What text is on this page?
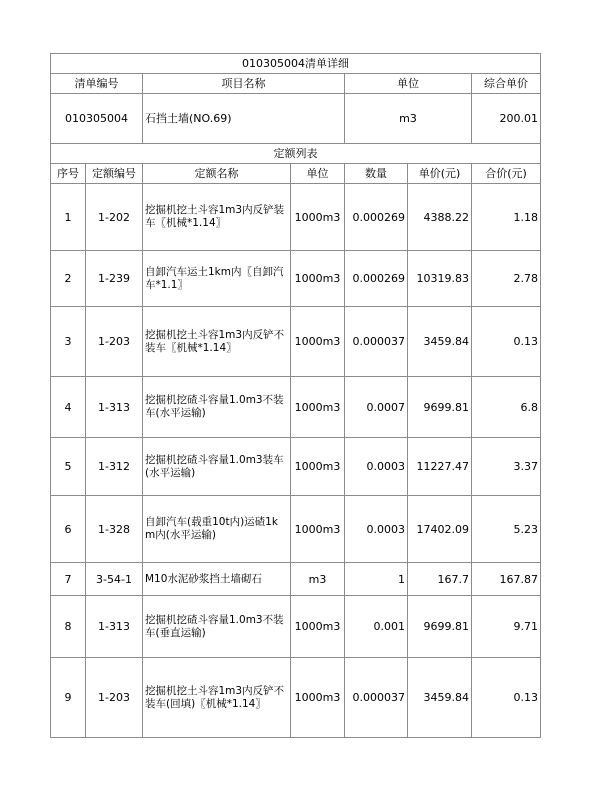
010305004清单详细						
清单编号		项目名称		单位		综合单价
010305004		石挡土墙(NO.69)		m3		200.01
定额列表						
序号	定额编号	定额名称	单位	数量	单价(元)	合价(元)
1	1-202	挖掘机挖土斗容1m3内反铲装车〖机械*1.14〗	1000m3	0.000269	4388.22	1.18
2	1-239	自卸汽车运土1km内〖自卸汽车*1.1〗	1000m3	0.000269	10319.83	2.78
3	1-203	挖掘机挖土斗容1m3内反铲不装车〖机械*1.14〗	1000m3	0.000037	3459.84	0.13
4	1-313	挖掘机挖碴斗容量1.0m3不装车(水平运输)	1000m3	0.0007	9699.81	6.8
5	1-312	挖掘机挖碴斗容量1.0m3装车(水平运输)	1000m3	0.0003	11227.47	3.37
6	1-328	自卸汽车(载重10t内)运碴1km内(水平运输)	1000m3	0.0003	17402.09	5.23
7	3-54-1	M10水泥砂浆挡土墙砌石	m3	1	167.7	167.87
8	1-313	挖掘机挖碴斗容量1.0m3不装车(垂直运输)	1000m3	0.001	9699.81	9.71
9	1-203	挖掘机挖土斗容1m3内反铲不装车(回填)〖机械*1.14〗	1000m3	0.000037	3459.84	0.13
